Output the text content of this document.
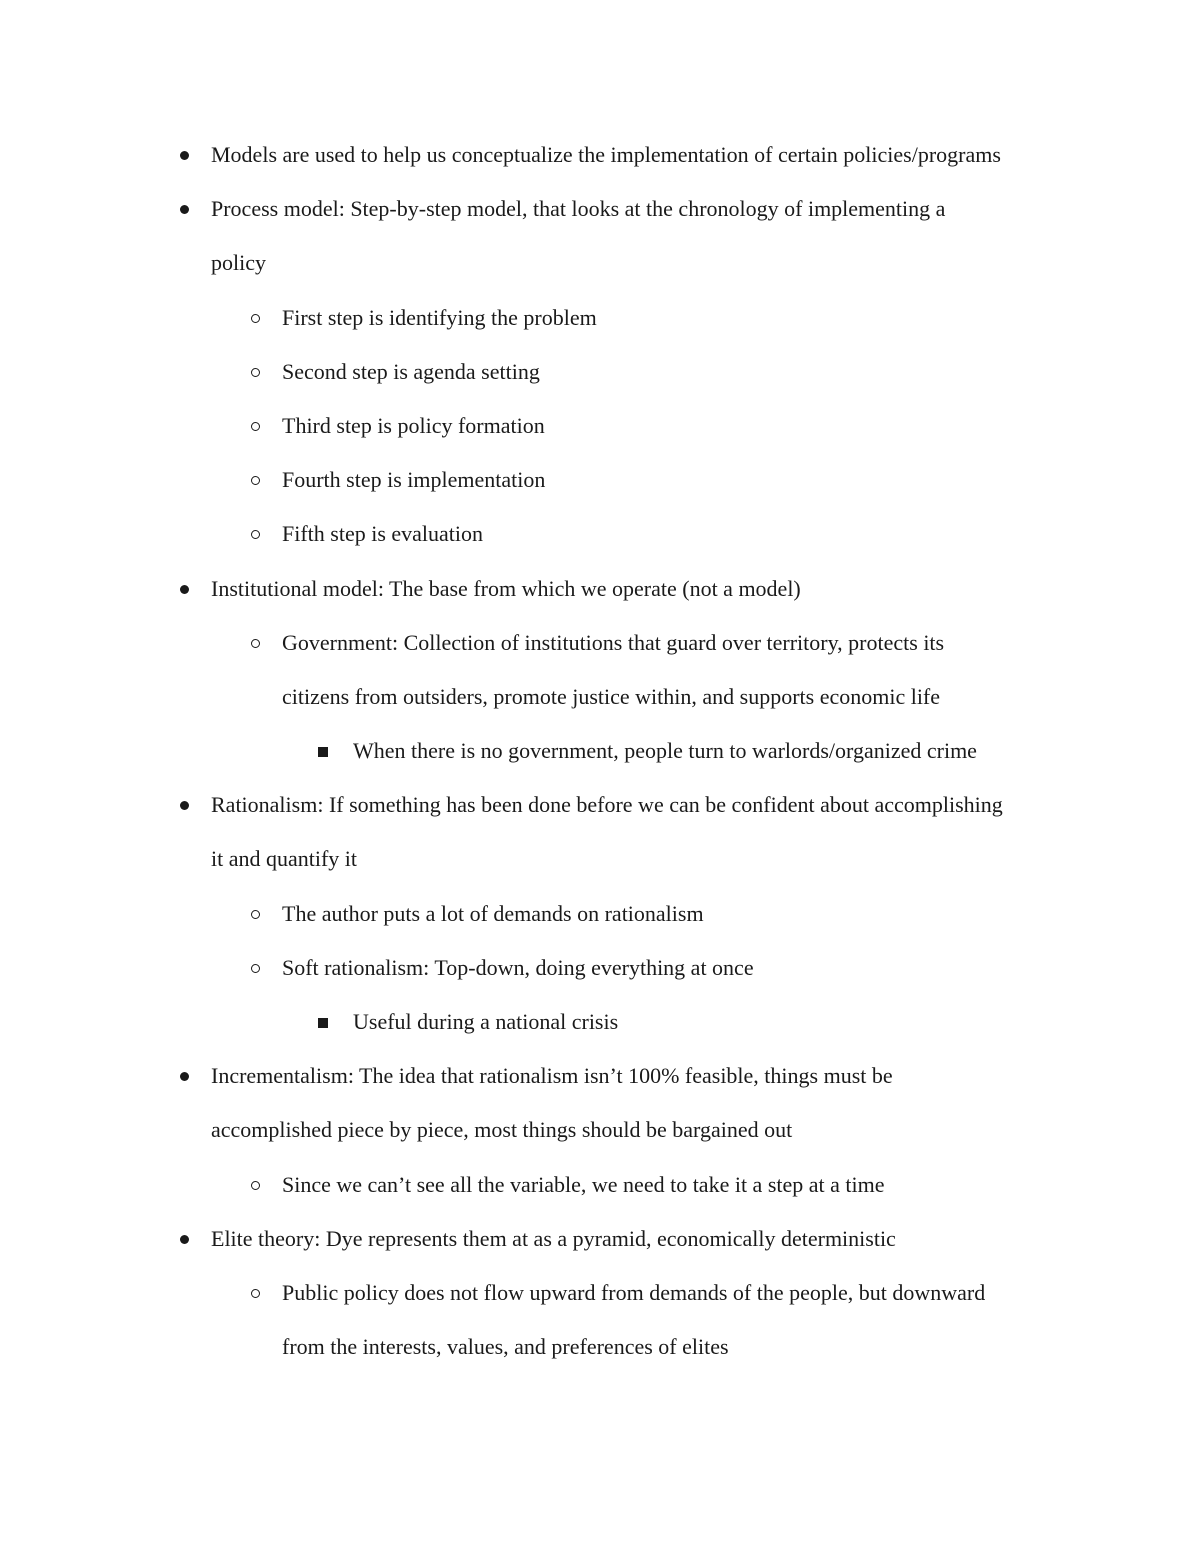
Models are used to help us conceptualize the implementation of certain policies/programs
Process model: Step-by-step model, that looks at the chronology of implementing a
policy
First step is identifying the problem
Second step is agenda setting
Third step is policy formation
Fourth step is implementation
Fifth step is evaluation
Institutional model: The base from which we operate (not a model)
Government: Collection of institutions that guard over territory, protects its
citizens from outsiders, promote justice within, and supports economic life
When there is no government, people turn to warlords/organized crime
Rationalism: If something has been done before we can be confident about accomplishing
it and quantify it
The author puts a lot of demands on rationalism
Soft rationalism: Top-down, doing everything at once
Useful during a national crisis
Incrementalism: The idea that rationalism isn’t 100% feasible, things must be
accomplished piece by piece, most things should be bargained out
Since we can’t see all the variable, we need to take it a step at a time
Elite theory: Dye represents them at as a pyramid, economically deterministic
Public policy does not flow upward from demands of the people, but downward
from the interests, values, and preferences of elites
